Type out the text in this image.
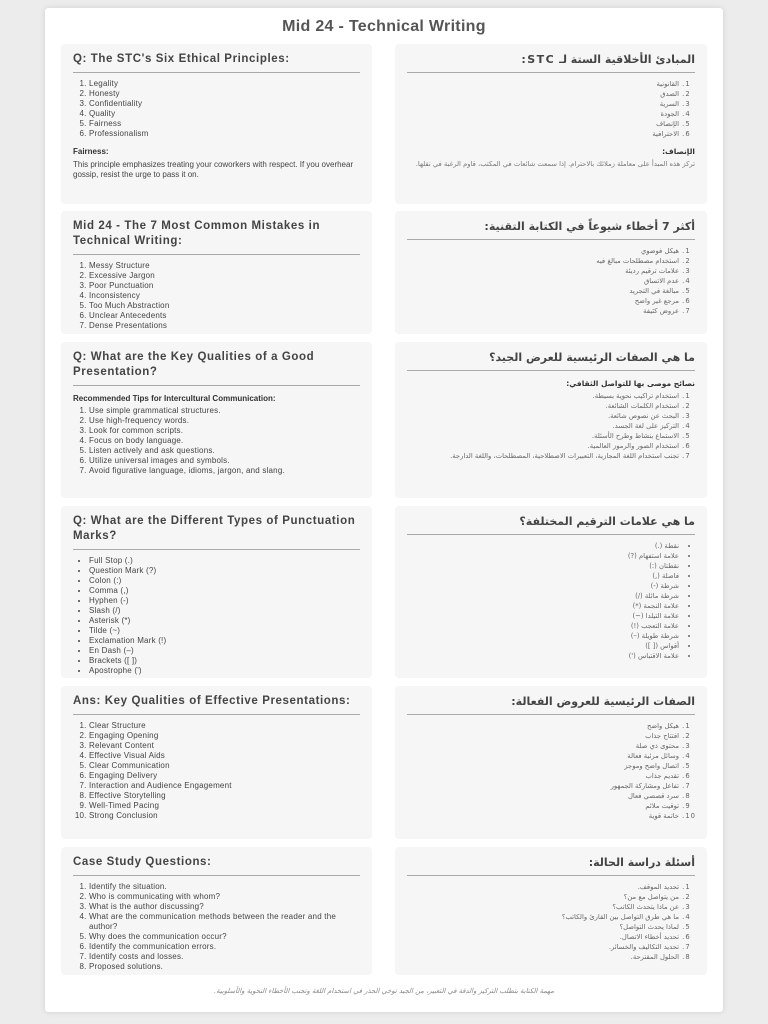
Mid 24 - Technical Writing
Q: The STC's Six Ethical Principles:
1. Legality
2. Honesty
3. Confidentiality
4. Quality
5. Fairness
6. Professionalism
Fairness:
This principle emphasizes treating your coworkers with respect. If you overhear gossip, resist the urge to pass it on.
المبادئ الأخلاقية الستة لـ STC:
1. القانونية
2. الصدق
3. السرية
4. الجودة
5. الإنصاف
6. الاحترافية
الإنصاف:
تركز هذه المبدأ على معاملة زملائك بالاحترام. إذا سمعت شائعات في المكتب، قاوم الرغبة في نقلها.
Mid 24 - The 7 Most Common Mistakes in Technical Writing:
1. Messy Structure
2. Excessive Jargon
3. Poor Punctuation
4. Inconsistency
5. Too Much Abstraction
6. Unclear Antecedents
7. Dense Presentations
أكثر 7 أخطاء شيوعاً في الكتابة التقنية:
1. هيكل فوضوي
2. استخدام مصطلحات مبالغ فيه
3. علامات ترقيم رديئة
4. عدم الاتساق
5. مبالغة في التجريد
6. مرجع غير واضح
7. عروض كثيفة
Q: What are the Key Qualities of a Good Presentation?
Recommended Tips for Intercultural Communication:
1. Use simple grammatical structures.
2. Use high-frequency words.
3. Look for common scripts.
4. Focus on body language.
5. Listen actively and ask questions.
6. Utilize universal images and symbols.
7. Avoid figurative language, idioms, jargon, and slang.
ما هي الصفات الرئيسية للعرض الجيد؟
نصائح موصى بها للتواصل الثقافي:
1. استخدام تراكيب نحوية بسيطة.
2. استخدام الكلمات الشائعة.
3. البحث عن نصوص شائعة.
4. التركيز على لغة الجسد.
5. الاستماع بنشاط وطرح الأسئلة.
6. استخدام الصور والرموز العالمية.
7. تجنب استخدام اللغة المجازية، التعبيرات الاصطلاحية، المصطلحات، واللغة الدارجة.
Q: What are the Different Types of Punctuation Marks?
• Full Stop (.)
• Question Mark (?)
• Colon (:)
• Comma (,)
• Hyphen (-)
• Slash (/)
• Asterisk (*)
• Tilde (~)
• Exclamation Mark (!)
• En Dash (–)
• Brackets ([ ])
• Apostrophe (')
ما هي علامات الترقيم المختلفة؟
• نقطة (.)
• علامة استفهام (?)
• نقطتان (:)
• فاصلة (,)
• شرطة (-)
• شرطة مائلة (/)
• علامة النجمة (*)
• علامة التيلدا (~)
• علامة التعجب (!)
• شرطة طويلة (–)
• أقواس ([ ])
• علامة الاقتباس (')
Ans: Key Qualities of Effective Presentations:
1. Clear Structure
2. Engaging Opening
3. Relevant Content
4. Effective Visual Aids
5. Clear Communication
6. Engaging Delivery
7. Interaction and Audience Engagement
8. Effective Storytelling
9. Well-Timed Pacing
10. Strong Conclusion
الصفات الرئيسية للعروض الفعالة:
1. هيكل واضح
2. افتتاح جذاب
3. محتوى ذي صلة
4. وسائل مرئية فعالة
5. اتصال واضح وموجز
6. تقديم جذاب
7. تفاعل ومشاركة الجمهور
8. سرد قصصي فعال
9. توقيت ملائم
10. خاتمة قوية
Case Study Questions:
1. Identify the situation.
2. Who is communicating with whom?
3. What is the author discussing?
4. What are the communication methods between the reader and the author?
5. Why does the communication occur?
6. Identify the communication errors.
7. Identify costs and losses.
8. Proposed solutions.
أسئلة دراسة الحالة:
1. تحديد الموقف.
2. من يتواصل مع من؟
3. عن ماذا يتحدث الكاتب؟
4. ما هي طرق التواصل بين القارئ والكاتب؟
5. لماذا يحدث التواصل؟
6. تحديد أخطاء الاتصال.
7. تحديد التكاليف والخسائر.
8. الحلول المقترحة.
مهمة الكتابة بتطلب التركيز والدقة في التعبير، من الجيد توخي الحذر في استخدام اللغة وتجنب الأخطاء النحوية والأسلوبية.
